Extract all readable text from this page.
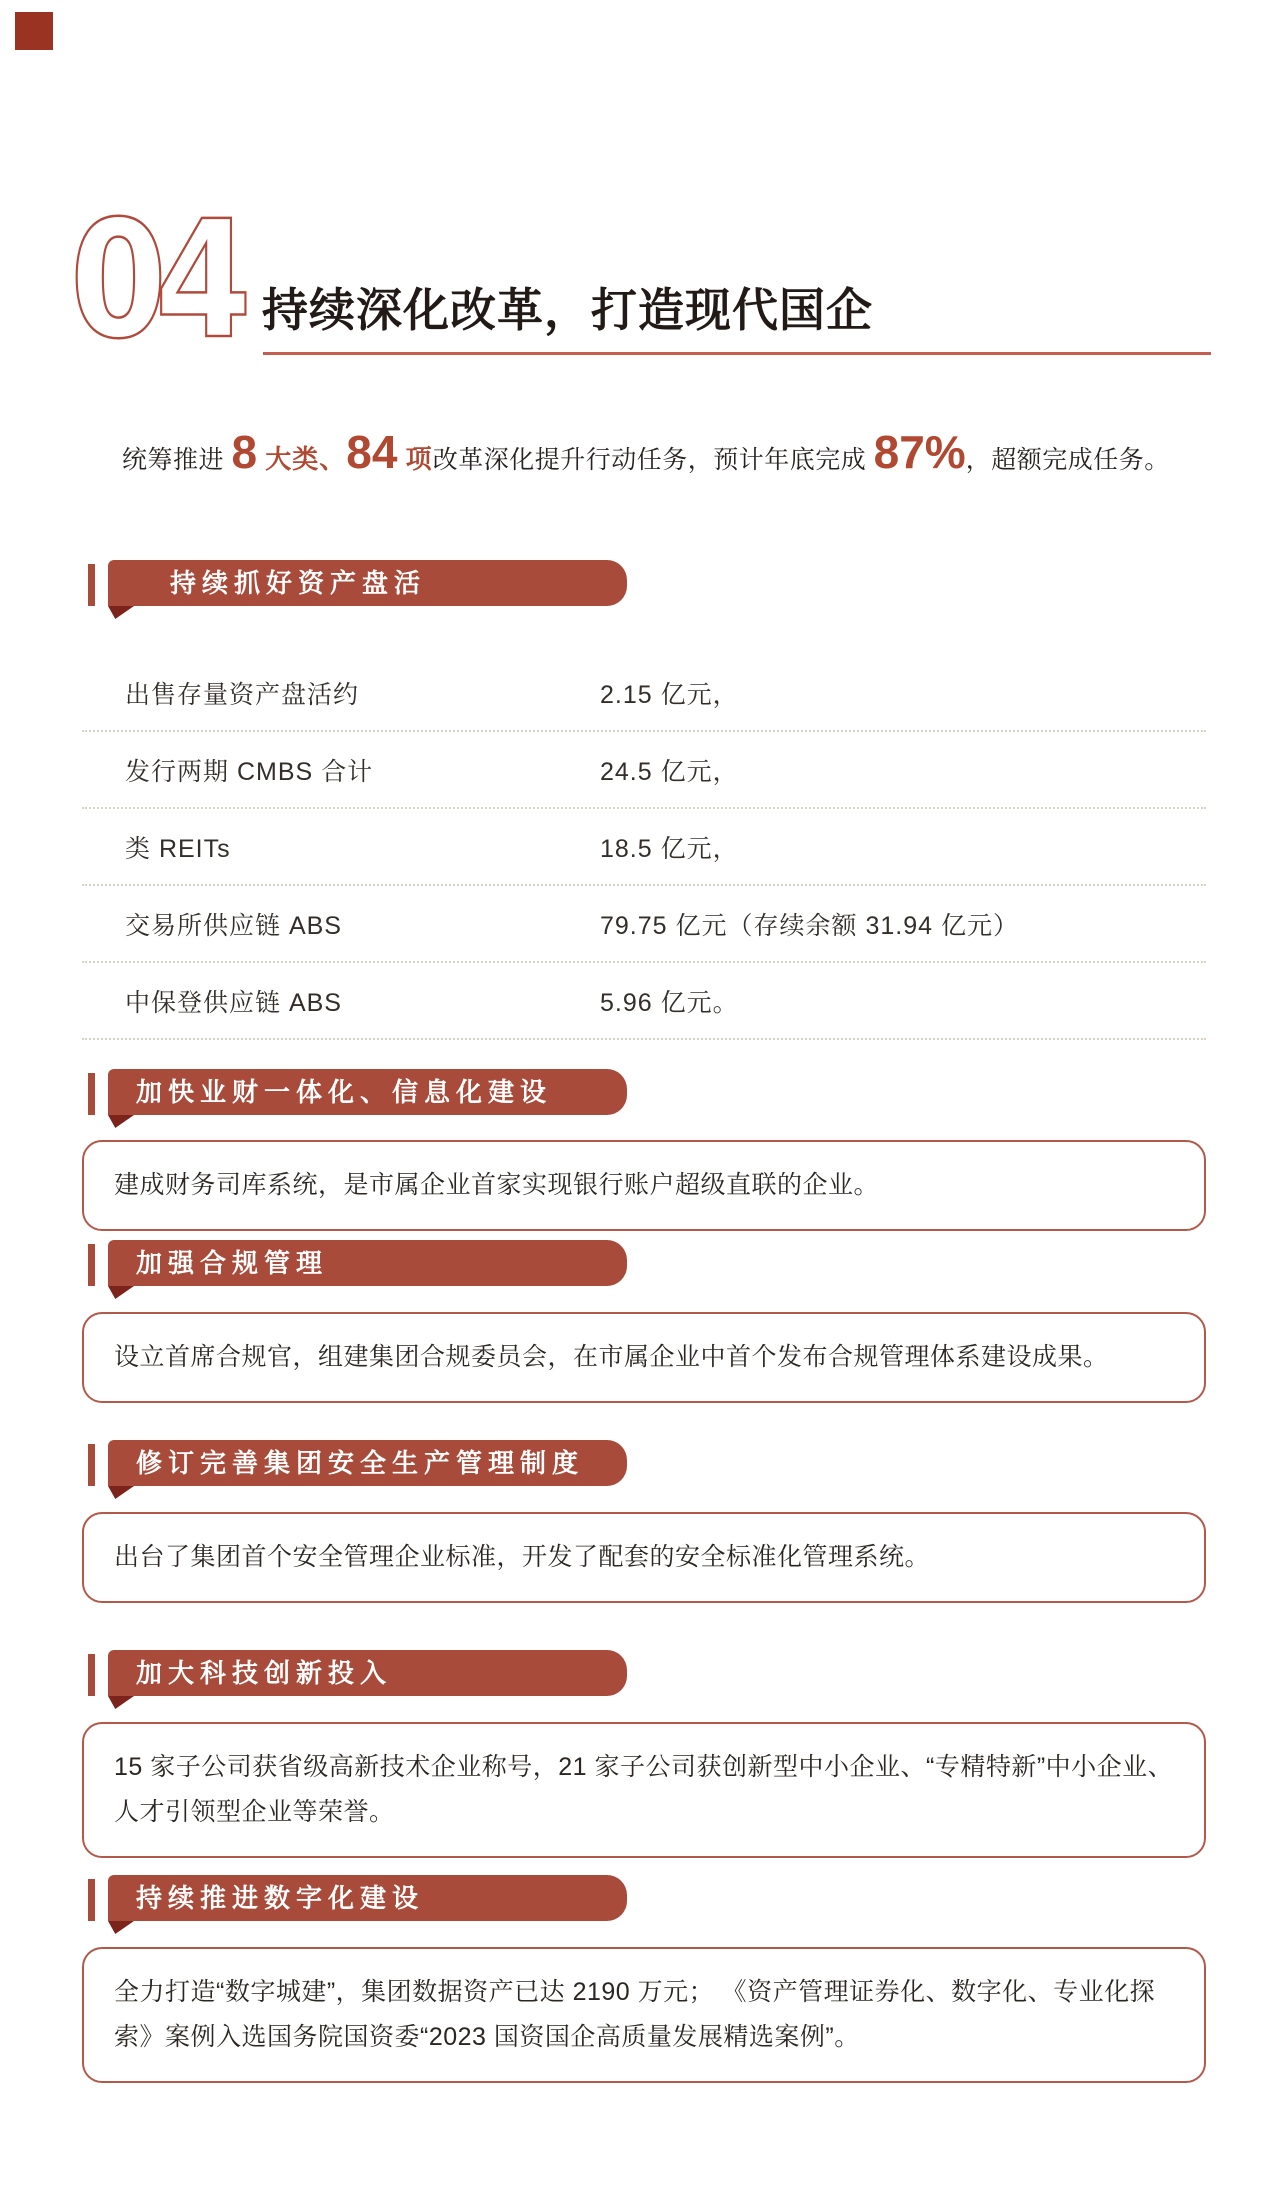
04 持续深化改革，打造现代国企

统筹推进 8 大类、84 项改革深化提升行动任务，预计年底完成 87%，超额完成任务。

持续抓好资产盘活
出售存量资产盘活约	2.15 亿元，
发行两期 CMBS 合计	24.5 亿元，
类 REITs	18.5 亿元，
交易所供应链 ABS	79.75 亿元（存续余额 31.94 亿元）
中保登供应链 ABS	5.96 亿元。
加快业财一体化、信息化建设

建成财务司库系统，是市属企业首家实现银行账户超级直联的企业。

加强合规管理

设立首席合规官，组建集团合规委员会，在市属企业中首个发布合规管理体系建设成果。

修订完善集团安全生产管理制度

出台了集团首个安全管理企业标准，开发了配套的安全标准化管理系统。

加大科技创新投入

15 家子公司获省级高新技术企业称号，21 家子公司获创新型中小企业、“专精特新”中小企业、人才引领型企业等荣誉。

持续推进数字化建设

全力打造“数字城建”，集团数据资产已达 2190 万元； 《资产管理证券化、数字化、专业化探索》案例入选国务院国资委“2023 国资国企高质量发展精选案例”。
